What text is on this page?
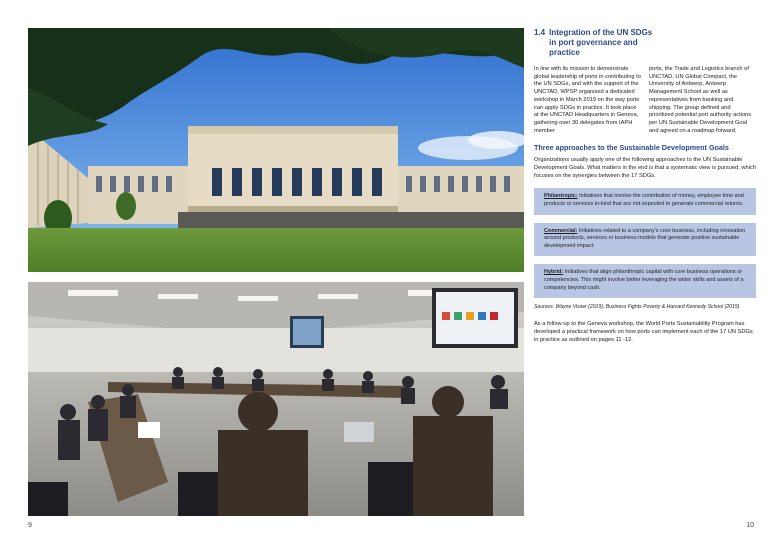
9
1.4 Integration of the UN SDGs in port governance and practice
In line with its mission to demonstrate global leadership of ports in contributing to the UN SDGs, and with the support of the UNCTAD, WPSP organised a dedicated workshop in March 2019 on the way ports can apply SDGs in practice. It took place at the UNCTAD Headquarters in Geneva, gathering over 30 delegates from IAPH member
ports, the Trade and Logistics branch of UNCTAD, UN Global Compact, the University of Antwerp, Antwerp Management School as well as representatives from banking and shipping. The group defined and prioritized potential port authority actions per UN Sustainable Development Goal and agreed on a roadmap forward.
Three approaches to the Sustainable Development Goals
Organizations usually apply one of the following approaches to the UN Sustainable Development Goals. What matters in the end is that a systematic view is pursued, which focuses on the synergies between the 17 SDGs.
Philantropic: Initiatives that involve the contribution of money, employee time and products or services in-kind that are not expected to generate commercial returns.
Commercial: Initiatives related to a company's core business, including innovation around products, services or business models that generate positive sustainable development impact.
Hybrid: Initiatives that align philanthropic capital with core business operations or competencies. This might involve better leveraging the wider skills and assets of a company beyond cash.
Sources: Wayne Visser (2019), Business Fights Poverty & Harvard Kennedy School (2015)
As a follow-up to the Geneva workshop, the World Ports Sustainability Program has developed a practical framework on how ports can implement each of the 17 UN SDGs in practice as outlined on pages 11 -12.
10
